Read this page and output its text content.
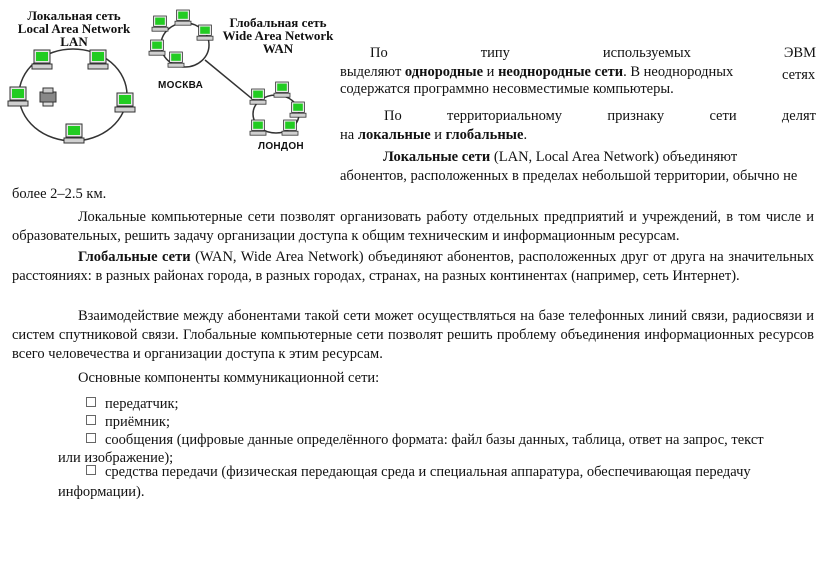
Локальная сеть
Local Area Network
LAN
Глобальная сеть
Wide Area Network
WAN
МОСКВА
ЛОНДОН
По	типу	используемых	ЭВМ
выделяют однородные и неоднородные сети. В неоднородных	сетях
содержатся программно несовместимые компьютеры.
По	территориальному	признаку	сети	делят
на локальные и глобальные.
Локальные сети (LAN, Local Area Network) объединяют
абонентов, расположенных в пределах небольшой территории, обычно не
более 2–2.5 км.
Локальные компьютерные сети позволят организовать работу отдельных предприятий и учреждений, в том числе и образовательных, решить задачу организации доступа к общим техническим и информационным ресурсам.
Глобальные сети (WAN, Wide Area Network) объединяют абонентов, расположенных друг от друга на значительных расстояниях: в разных районах города, в разных городах, странах, на разных континентах (например, сеть Интернет).
Взаимодействие между абонентами такой сети может осуществляться на базе телефонных линий связи, радиосвязи и систем спутниковой связи. Глобальные компьютерные сети позволят решить проблему объединения информационных ресурсов всего человечества и организации доступа к этим ресурсам.
Основные компоненты коммуникационной сети:
передатчик;
приёмник;
сообщения (цифровые данные определённого формата: файл базы данных, таблица, ответ на запрос, текст
или изображение);
средства передачи (физическая передающая среда и специальная аппаратура, обеспечивающая передачу
информации).
